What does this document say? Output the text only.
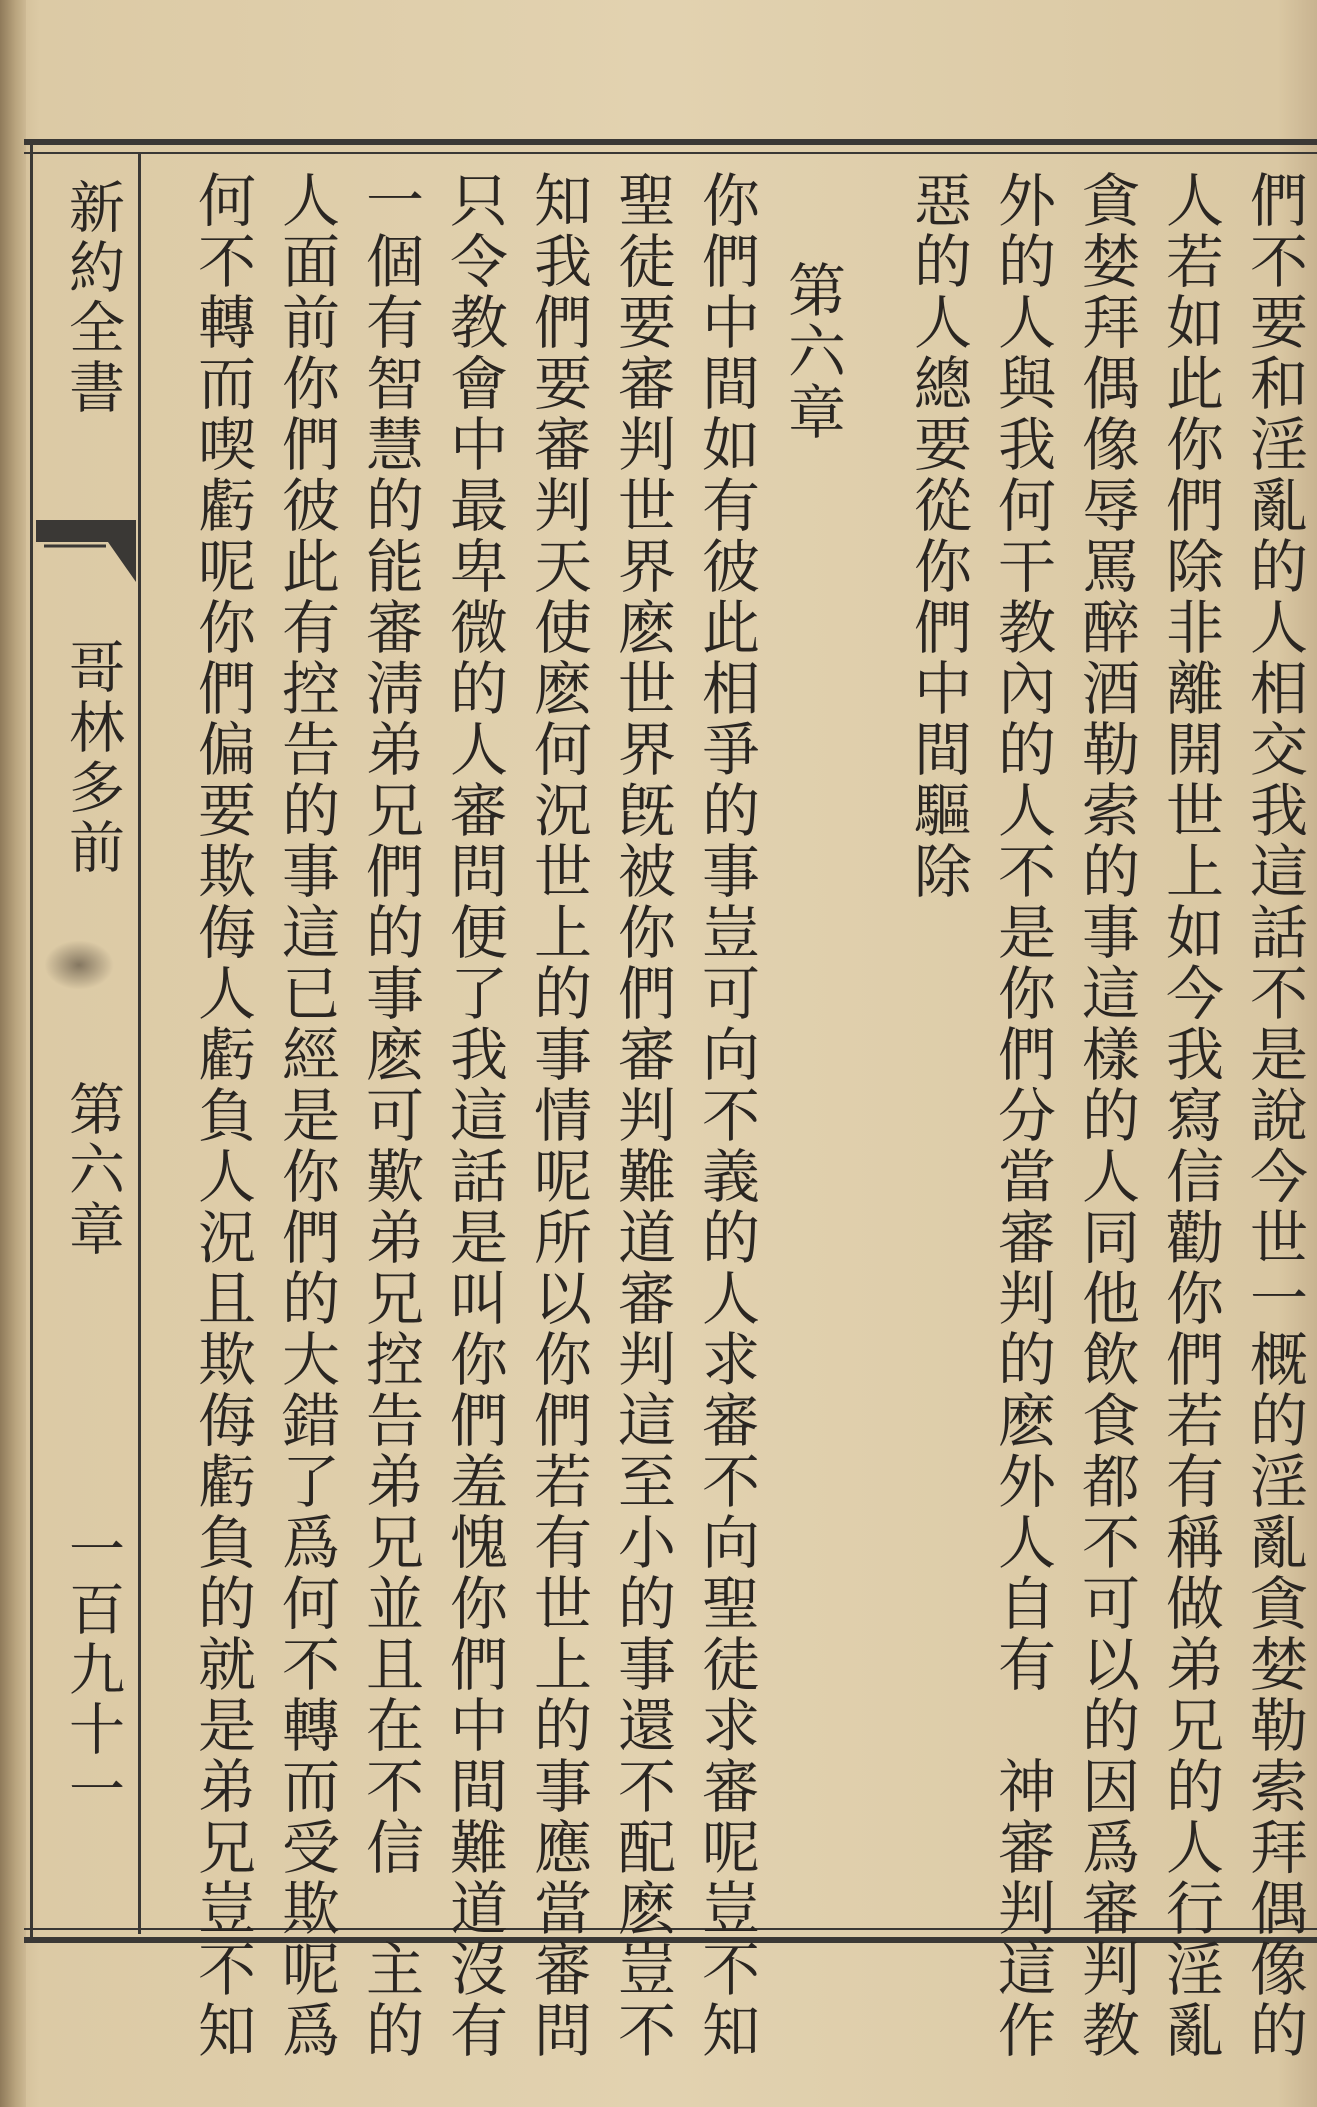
新約全書
哥林多前
第六章
一百九十一	們不要和淫亂的人相交我這話不是說今世一概的淫亂貪婪勒索拜偶像的
人若如此你們除非離開世上如今我寫信勸你們若有稱做弟兄的人行淫亂
貪婪拜偶像辱罵醉酒勒索的事這樣的人同他飲食都不可以的因爲審判教
外的人與我何干教內的人不是你們分當審判的麽外人自有　神審判這作
惡的人總要從你們中間驅除
第六章
你們中間如有彼此相爭的事豈可向不義的人求審不向聖徒求審呢豈不知
聖徒要審判世界麽世界旣被你們審判難道審判這至小的事還不配麽豈不
知我們要審判天使麽何況世上的事情呢所以你們若有世上的事應當審問
只令教會中最卑微的人審問便了我這話是叫你們羞愧你們中間難道沒有
一個有智慧的能審淸弟兄們的事麽可歎弟兄控告弟兄並且在不信　主的
人面前你們彼此有控告的事這已經是你們的大錯了爲何不轉而受欺呢爲
何不轉而喫虧呢你們偏要欺侮人虧負人況且欺侮虧負的就是弟兄豈不知
